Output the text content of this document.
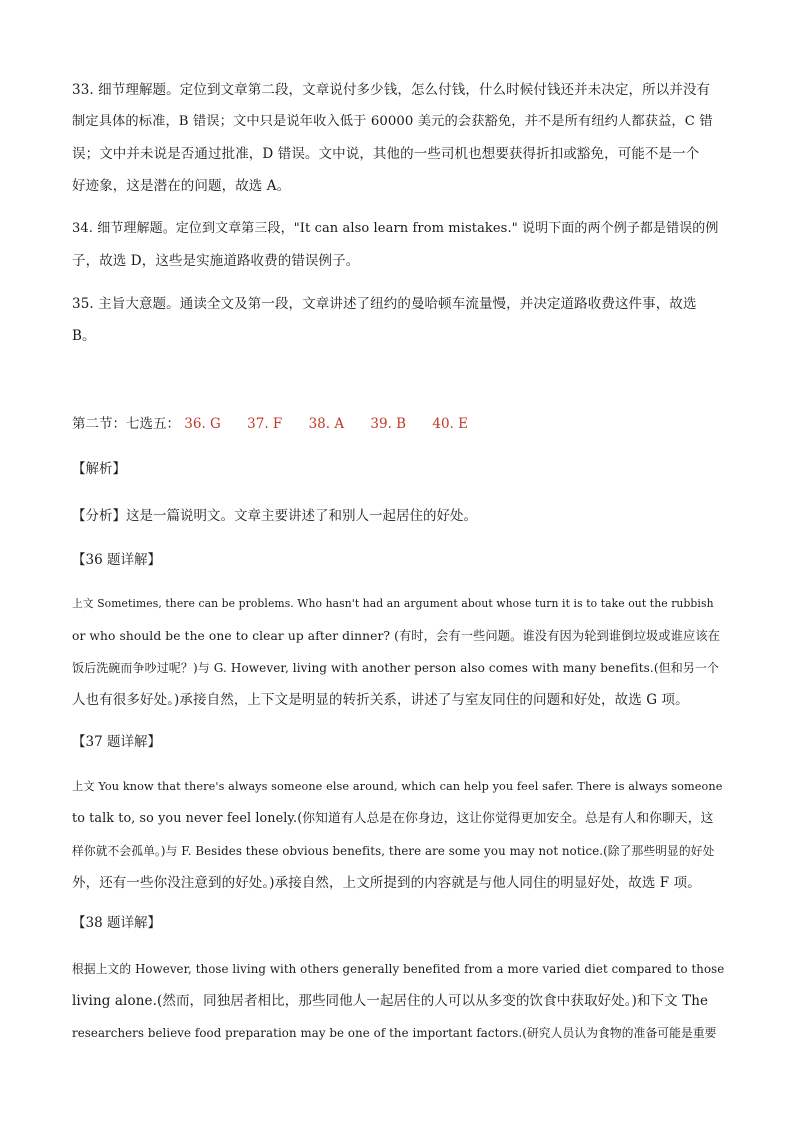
33. 细节理解题。定位到文章第二段，文章说付多少钱，怎么付钱，什么时候付钱还并未决定，所以并没有
制定具体的标准，B 错误；文中只是说年收入低于 60000 美元的会获豁免，并不是所有纽约人都获益，C 错
误；文中并未说是否通过批准，D 错误。文中说，其他的一些司机也想要获得折扣或豁免，可能不是一个
好迹象，这是潜在的问题，故选 A。

34. 细节理解题。定位到文章第三段，"It can also learn from mistakes." 说明下面的两个例子都是错误的例
子，故选 D，这些是实施道路收费的错误例子。

35. 主旨大意题。通读全文及第一段，文章讲述了纽约的曼哈顿车流量慢，并决定道路收费这件事，故选
B。

第二节：七选五： 36. G 37. F 38. A 39. B 40. E

【解析】

【分析】这是一篇说明文。文章主要讲述了和别人一起居住的好处。

【36 题详解】

上文 Sometimes, there can be problems. Who hasn't had an argument about whose turn it is to take out the rubbish
or who should be the one to clear up after dinner? (有时，会有一些问题。谁没有因为轮到谁倒垃圾或谁应该在
饭后洗碗而争吵过呢？)与 G. However, living with another person also comes with many benefits.(但和另一个
人也有很多好处。)承接自然，上下文是明显的转折关系，讲述了与室友同住的问题和好处，故选 G 项。

【37 题详解】

上文 You know that there's always someone else around, which can help you feel safer. There is always someone
to talk to, so you never feel lonely.(你知道有人总是在你身边，这让你觉得更加安全。总是有人和你聊天，这
样你就不会孤单。)与 F. Besides these obvious benefits, there are some you may not notice.(除了那些明显的好处
外，还有一些你没注意到的好处。)承接自然，上文所提到的内容就是与他人同住的明显好处，故选 F 项。

【38 题详解】

根据上文的 However, those living with others generally benefited from a more varied diet compared to those
living alone.(然而，同独居者相比，那些同他人一起居住的人可以从多变的饮食中获取好处。)和下文 The
researchers believe food preparation may be one of the important factors.(研究人员认为食物的准备可能是重要
